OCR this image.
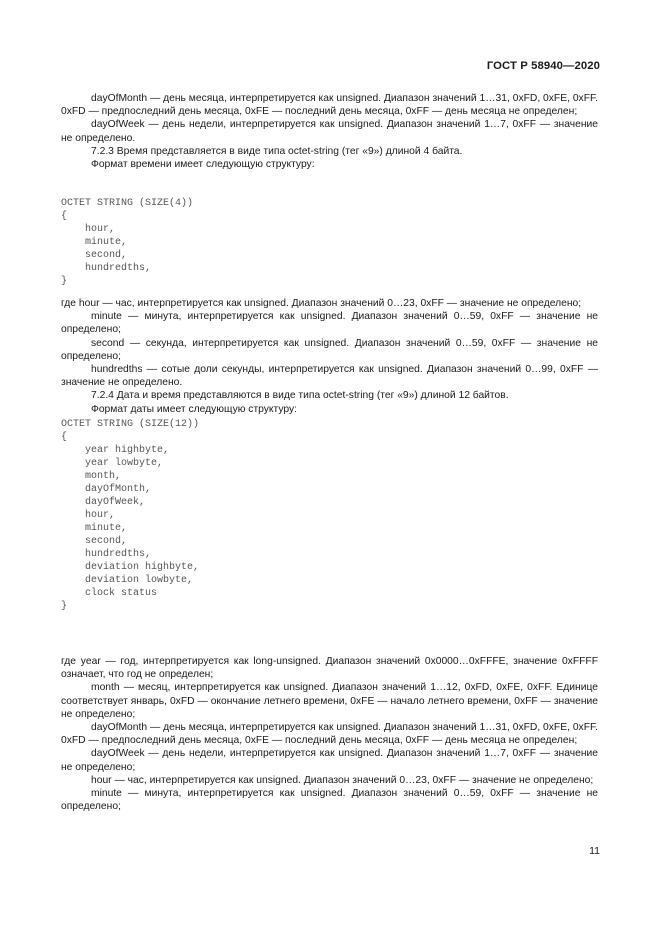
ГОСТ Р 58940—2020

dayOfMonth — день месяца, интерпретируется как unsigned. Диапазон значений 1…31, 0xFD, 0xFE, 0xFF. 0xFD — предпоследний день месяца, 0xFE — последний день месяца, 0xFF — день месяца не определен;

dayOfWeek — день недели, интерпретируется как unsigned. Диапазон значений 1…7, 0xFF — значение не определено.

7.2.3 Время представляется в виде типа octet-string (тег «9») длиной 4 байта.

Формат времени имеет следующую структуру:

OCTET STRING (SIZE(4))
{
hour,
minute,
second,
hundredths,
}

где hour — час, интерпретируется как unsigned. Диапазон значений 0…23, 0xFF — значение не определено;

minute — минута, интерпретируется как unsigned. Диапазон значений 0…59, 0xFF — значение не определено;

second — секунда, интерпретируется как unsigned. Диапазон значений 0…59, 0xFF — значение не определено;

hundredths — сотые доли секунды, интерпретируется как unsigned. Диапазон значений 0…99, 0xFF — значение не определено.

7.2.4 Дата и время представляются в виде типа octet-string (тег «9») длиной 12 байтов.

Формат даты имеет следующую структуру:

OCTET STRING (SIZE(12))
{
year highbyte,
year lowbyte,
month,
dayOfMonth,
dayOfWeek,
hour,
minute,
second,
hundredths,
deviation highbyte,
deviation lowbyte,
clock status
}

где year — год, интерпретируется как long-unsigned. Диапазон значений 0x0000…0xFFFE, значение 0xFFFF означает, что год не определен;

month — месяц, интерпретируется как unsigned. Диапазон значений 1…12, 0xFD, 0xFE, 0xFF. Единице соответствует январь, 0xFD — окончание летнего времени, 0xFE — начало летнего времени, 0xFF — значение не определено;

dayOfMonth — день месяца, интерпретируется как unsigned. Диапазон значений 1…31, 0xFD, 0xFE, 0xFF. 0xFD — предпоследний день месяца, 0xFE — последний день месяца, 0xFF — день месяца не определен;

dayOfWeek — день недели, интерпретируется как unsigned. Диапазон значений 1…7, 0xFF — значение не определено;

hour — час, интерпретируется как unsigned. Диапазон значений 0…23, 0xFF — значение не определено;

minute — минута, интерпретируется как unsigned. Диапазон значений 0…59, 0xFF — значение не определено;

11
